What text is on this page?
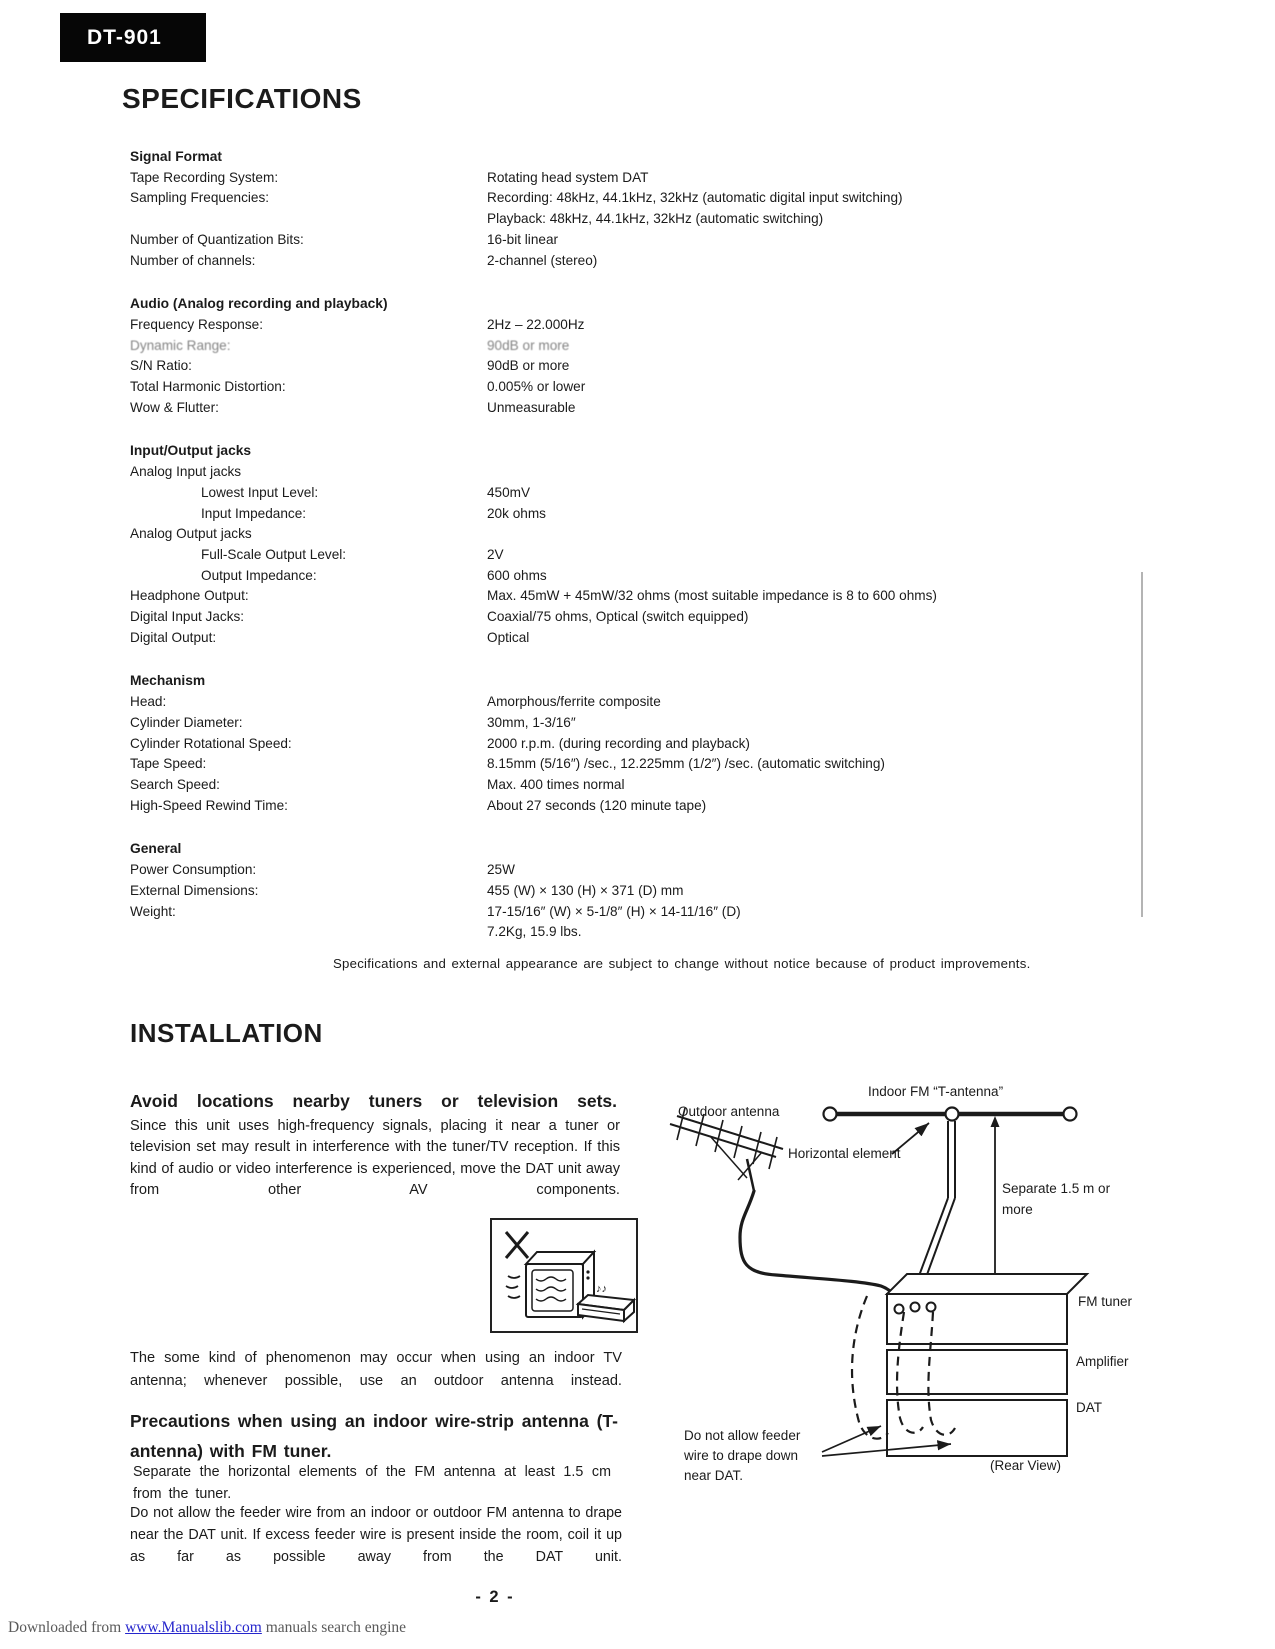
DT-901
SPECIFICATIONS
Signal Format
Tape Recording System:	Rotating head system DAT
Sampling Frequencies:	Recording: 48kHz, 44.1kHz, 32kHz (automatic digital input switching)
Playback: 48kHz, 44.1kHz, 32kHz (automatic switching)
Number of Quantization Bits:	16-bit linear
Number of channels:	2-channel (stereo)
Audio (Analog recording and playback)
Frequency Response:	2Hz – 22.000Hz
Dynamic Range:	90dB or more
S/N Ratio:	90dB or more
Total Harmonic Distortion:	0.005% or lower
Wow & Flutter:	Unmeasurable
Input/Output jacks
Analog Input jacks
Lowest Input Level:	450mV
Input Impedance:	20k ohms
Analog Output jacks
Full-Scale Output Level:	2V
Output Impedance:	600 ohms
Headphone Output:	Max. 45mW + 45mW/32 ohms (most suitable impedance is 8 to 600 ohms)
Digital Input Jacks:	Coaxial/75 ohms, Optical (switch equipped)
Digital Output:	Optical
Mechanism
Head:	Amorphous/ferrite composite
Cylinder Diameter:	30mm, 1-3/16″
Cylinder Rotational Speed:	2000 r.p.m. (during recording and playback)
Tape Speed:	8.15mm (5/16″) /sec., 12.225mm (1/2″) /sec. (automatic switching)
Search Speed:	Max. 400 times normal
High-Speed Rewind Time:	About 27 seconds (120 minute tape)
General
Power Consumption:	25W
External Dimensions:	455 (W) × 130 (H) × 371 (D) mm
Weight:	17-15/16″ (W) × 5-1/8″ (H) × 14-11/16″ (D)
7.2Kg, 15.9 lbs.
Specifications and external appearance are subject to change without notice because of product improvements.
INSTALLATION
Avoid locations nearby tuners or television sets.
Since this unit uses high-frequency signals, placing it near a tuner or television set may result in interference with the tuner/TV reception. If this kind of audio or video interference is experienced, move the DAT unit away from other AV components.
♪♪
The some kind of phenomenon may occur when using an indoor TV antenna; whenever possible, use an outdoor antenna instead.
Precautions when using an indoor wire-strip antenna (T-antenna) with FM tuner.
Separate the horizontal elements of the FM antenna at least 1.5 cm from the tuner.
Do not allow the feeder wire from an indoor or outdoor FM antenna to drape near the DAT unit. If excess feeder wire is present inside the room, coil it up as far as possible away from the DAT unit.
Outdoor antenna
Indoor FM “T-antenna”
Horizontal element
Separate 1.5 m or more
FM tuner
Amplifier
DAT
Do not allow feeder wire to drape down near DAT.
(Rear View)
- 2 -
Downloaded from www.Manualslib.com manuals search engine
